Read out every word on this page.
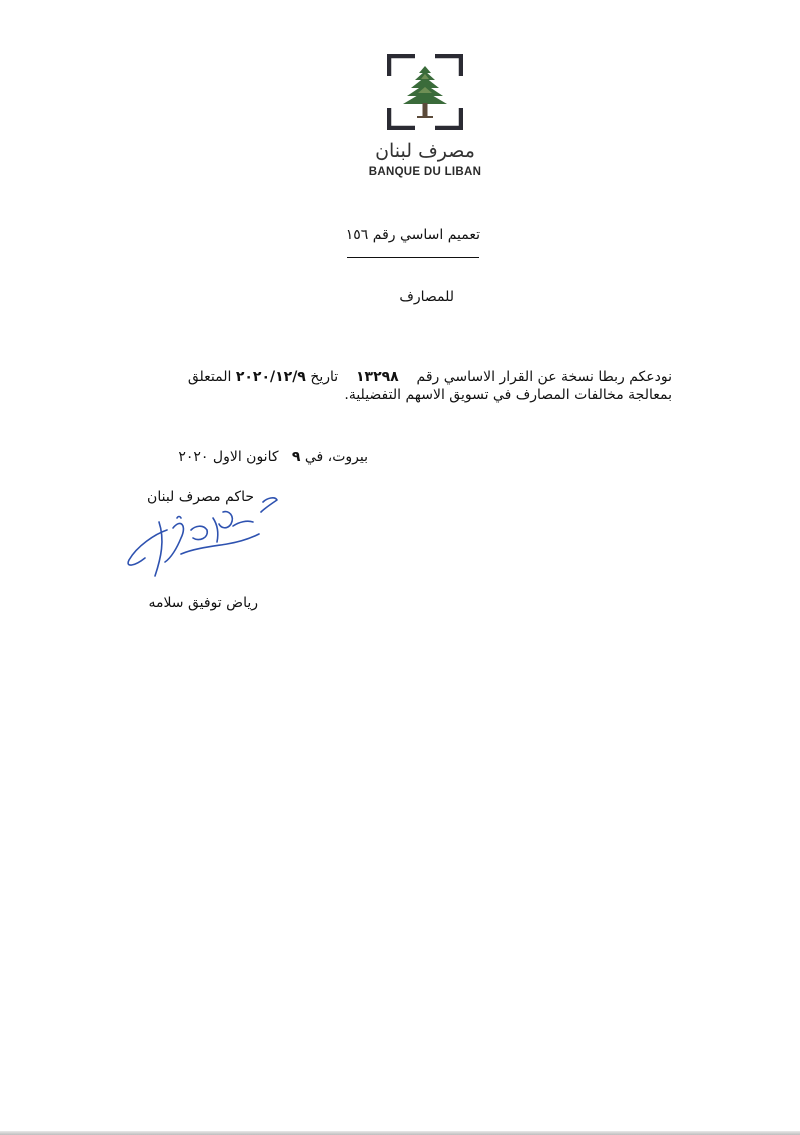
مصرف لبنان
BANQUE DU LIBAN
تعميم اساسي رقم ١٥٦
للمصارف
نودعكم ربطا نسخة عن القرار الاساسي رقم    ١٣٢٩٨    تاريخ ٢٠٢٠/١٢/٩ المتعلق بمعالجة مخالفات المصارف في تسويق الاسهم التفضيلية.
بيروت، في ٩   كانون الاول ٢٠٢٠
حاكم مصرف لبنان
رياض توفيق سلامه
